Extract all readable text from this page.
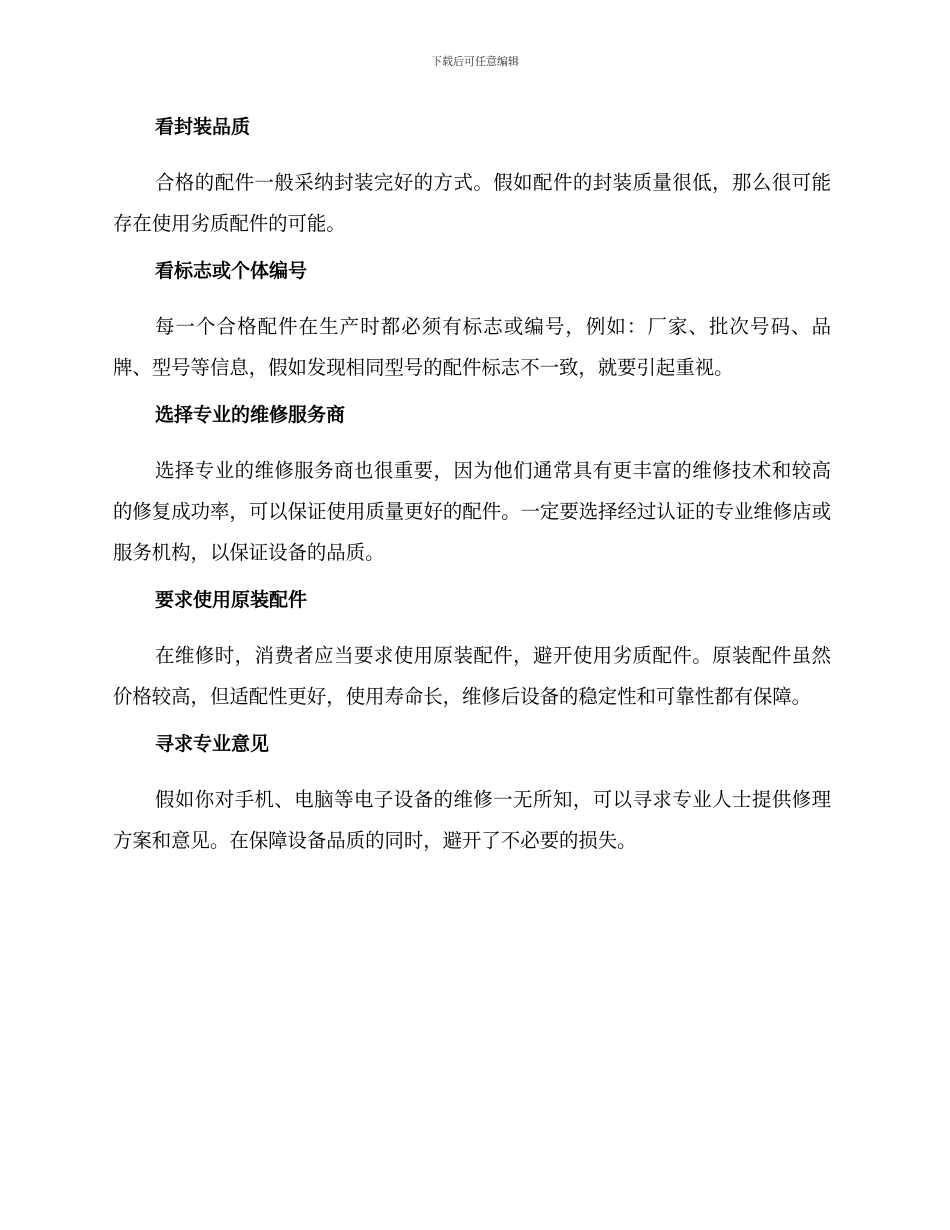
下载后可任意编辑
看封装品质

合格的配件一般采纳封装完好的方式。假如配件的封装质量很低，那么很可能存在使用劣质配件的可能。

看标志或个体编号

每一个合格配件在生产时都必须有标志或编号，例如：厂家、批次号码、品牌、型号等信息，假如发现相同型号的配件标志不一致，就要引起重视。

选择专业的维修服务商

选择专业的维修服务商也很重要，因为他们通常具有更丰富的维修技术和较高的修复成功率，可以保证使用质量更好的配件。一定要选择经过认证的专业维修店或服务机构，以保证设备的品质。

要求使用原装配件

在维修时，消费者应当要求使用原装配件，避开使用劣质配件。原装配件虽然价格较高，但适配性更好，使用寿命长，维修后设备的稳定性和可靠性都有保障。

寻求专业意见

假如你对手机、电脑等电子设备的维修一无所知，可以寻求专业人士提供修理方案和意见。在保障设备品质的同时，避开了不必要的损失。
